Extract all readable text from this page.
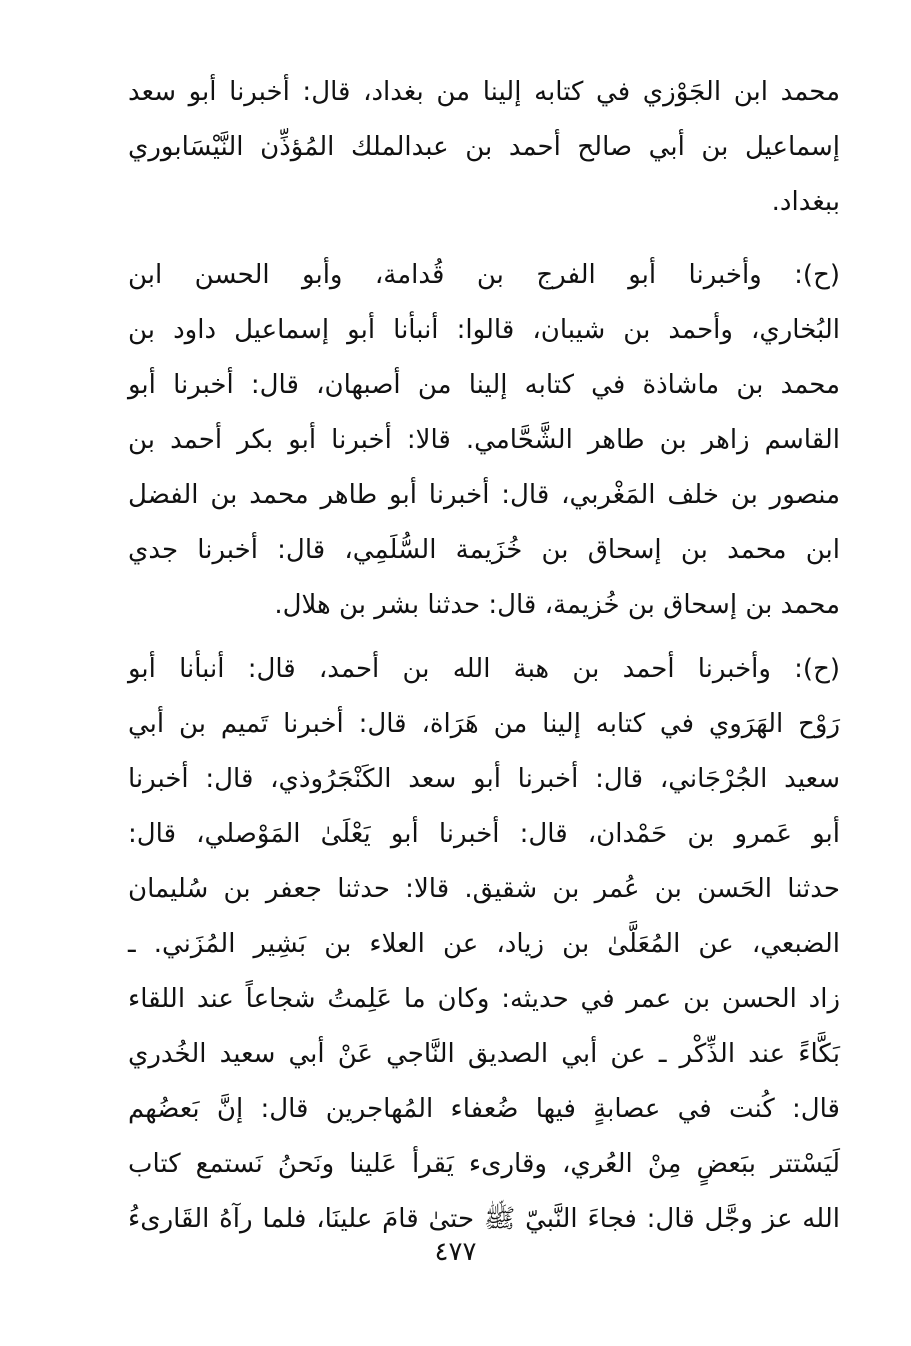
محمد ابن الجَوْزي في كتابه إلينا من بغداد، قال: أخبرنا أبو سعد
إسماعيل بن أبي صالح أحمد بن عبدالملك المُؤذِّن النَّيْسَابوري
ببغداد.
(ح): وأخبرنا أبو الفرج بن قُدامة، وأبو الحسن ابن
البُخاري، وأحمد بن شيبان، قالوا: أنبأنا أبو إسماعيل داود بن
محمد بن ماشاذة في كتابه إلينا من أصبهان، قال: أخبرنا أبو
القاسم زاهر بن طاهر الشَّحَّامي. قالا: أخبرنا أبو بكر أحمد بن
منصور بن خلف المَغْربي، قال: أخبرنا أبو طاهر محمد بن الفضل
ابن محمد بن إسحاق بن خُزَيمة السُّلَمِي، قال: أخبرنا جدي
محمد بن إسحاق بن خُزيمة، قال: حدثنا بشر بن هلال.
(ح): وأخبرنا أحمد بن هبة الله بن أحمد، قال: أنبأنا أبو
رَوْح الهَرَوي في كتابه إلينا من هَرَاة، قال: أخبرنا تَميم بن أبي
سعيد الجُرْجَاني، قال: أخبرنا أبو سعد الكَنْجَرُوذي، قال: أخبرنا
أبو عَمرو بن حَمْدان، قال: أخبرنا أبو يَعْلَىٰ المَوْصلي، قال:
حدثنا الحَسن بن عُمر بن شقيق. قالا: حدثنا جعفر بن سُليمان
الضبعي، عن المُعَلَّىٰ بن زياد، عن العلاء بن بَشِير المُزَني. ـ
زاد الحسن بن عمر في حديثه: وكان ما عَلِمتُ شجاعاً عند اللقاء
بَكَّاءً عند الذِّكْر ـ عن أبي الصديق النَّاجي عَنْ أبي سعيد الخُدري
قال: كُنت في عصابةٍ فيها ضُعفاء المُهاجرين قال: إنَّ بَعضُهم
لَيَسْتتر ببَعضٍ مِنْ العُري، وقارىء يَقرأ عَلينا ونَحنُ نَستمع كتاب
الله عز وجَّل قال: فجاءَ النَّبيّ ﷺ حتىٰ قامَ علينَا، فلما رآهُ القَارىءُ
٤٧٧
